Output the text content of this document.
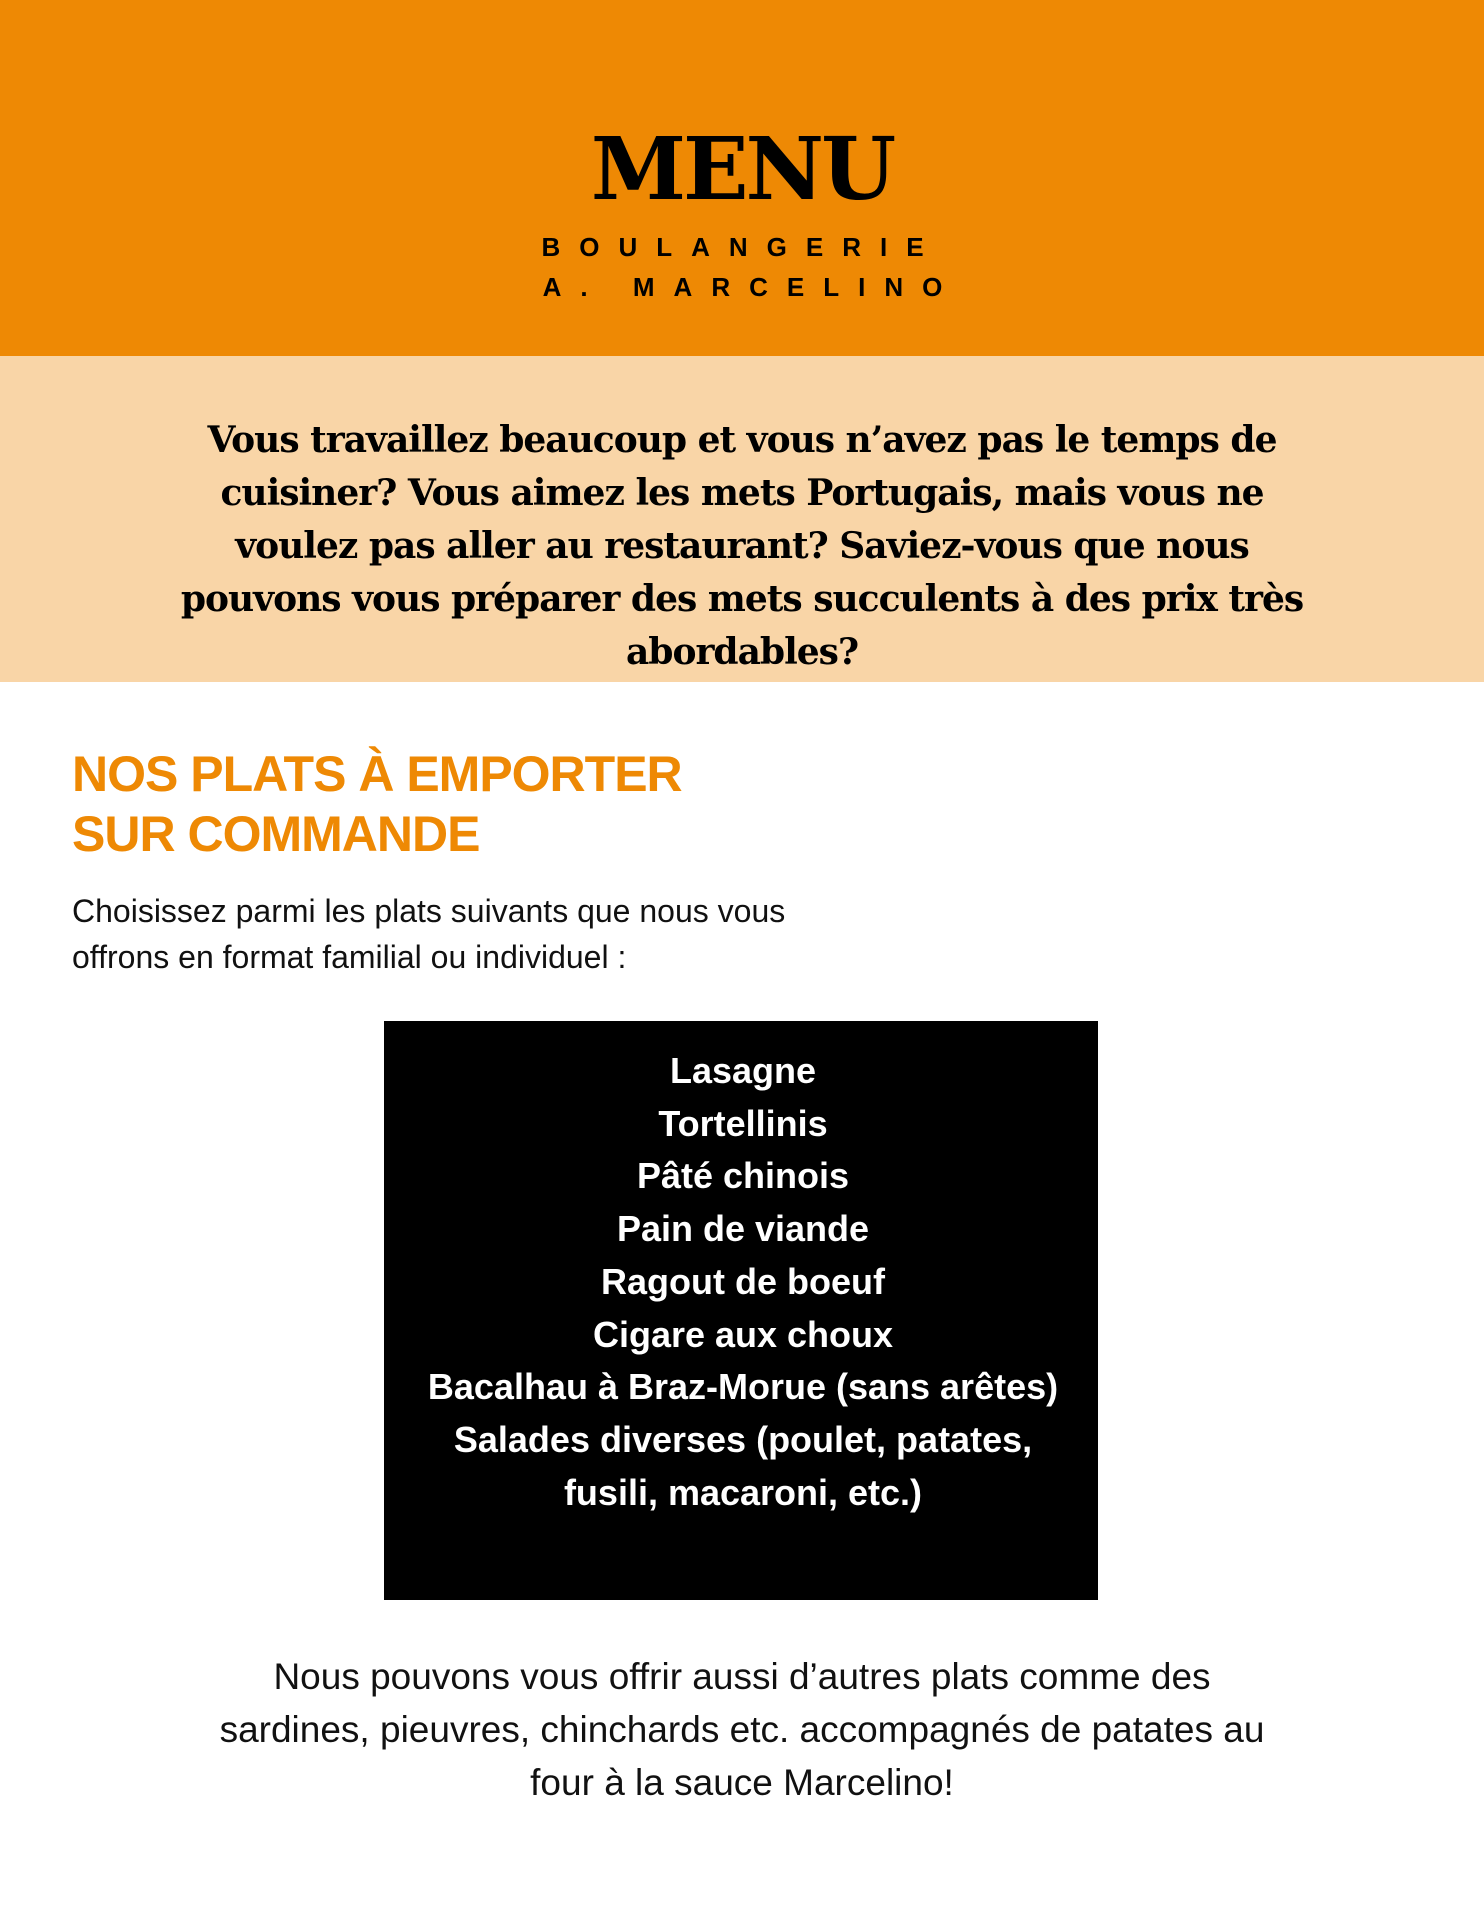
MENU
BOULANGERIE
A. MARCELINO
Vous travaillez beaucoup et vous n’avez pas le temps de cuisiner? Vous aimez les mets Portugais, mais vous ne voulez pas aller au restaurant? Saviez-vous que nous pouvons vous préparer des mets succulents à des prix très abordables?
NOS PLATS À EMPORTER
SUR COMMANDE
Choisissez parmi les plats suivants que nous vous offrons en format familial ou individuel :
Lasagne
Tortellinis
Pâté chinois
Pain de viande
Ragout de boeuf
Cigare aux choux
Bacalhau à Braz-Morue (sans arêtes)
Salades diverses (poulet, patates, fusili, macaroni, etc.)
Nous pouvons vous offrir aussi d’autres plats comme des sardines, pieuvres, chinchards etc. accompagnés de patates au four à la sauce Marcelino!
